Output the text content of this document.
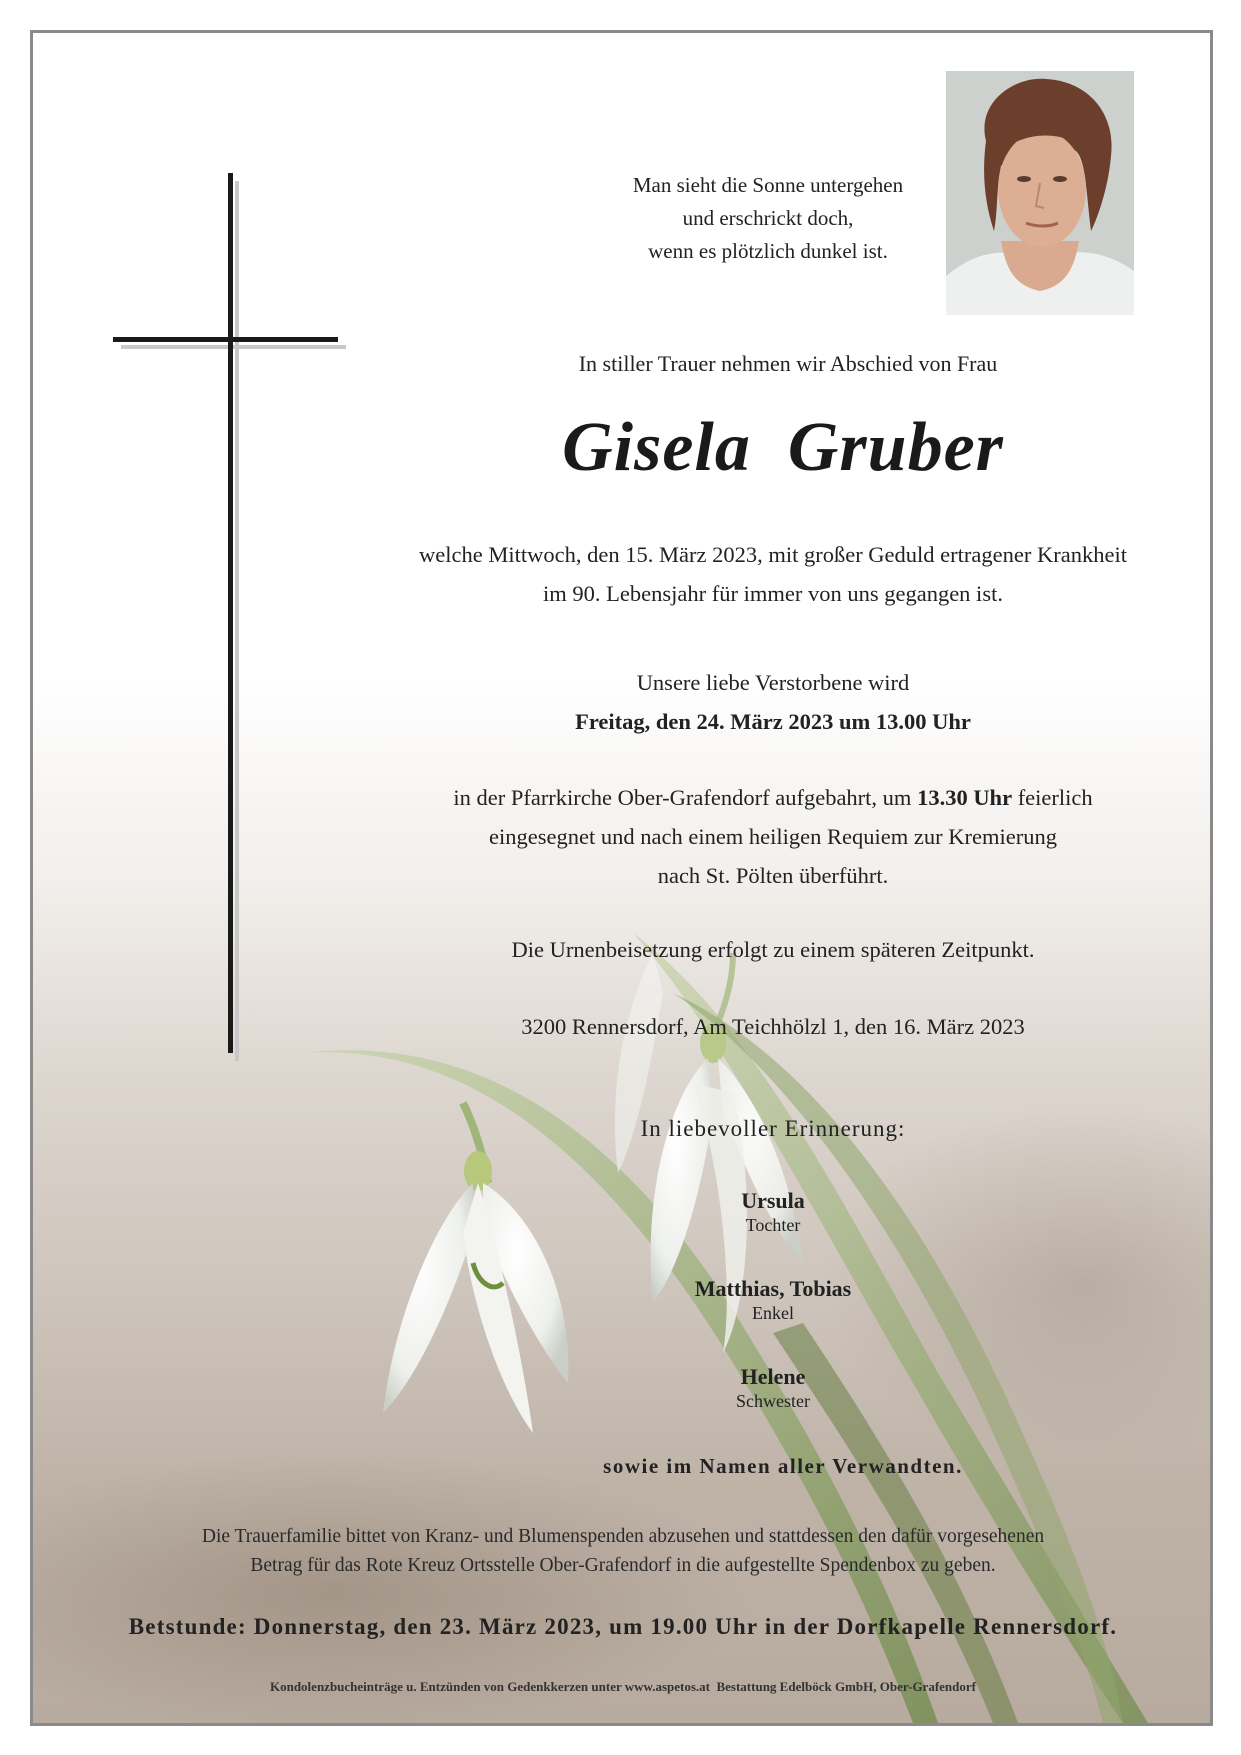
Man sieht die Sonne untergehen
und erschrickt doch,
wenn es plötzlich dunkel ist.

In stiller Trauer nehmen wir Abschied von Frau

Gisela  Gruber

welche Mittwoch, den 15. März 2023, mit großer Geduld ertragener Krankheit
im 90. Lebensjahr für immer von uns gegangen ist.

Unsere liebe Verstorbene wird
Freitag, den 24. März 2023 um 13.00 Uhr

in der Pfarrkirche Ober-Grafendorf aufgebahrt, um 13.30 Uhr feierlich
eingesegnet und nach einem heiligen Requiem zur Kremierung
nach St. Pölten überführt.

Die Urnenbeisetzung erfolgt zu einem späteren Zeitpunkt.

3200 Rennersdorf, Am Teichhölzl 1, den 16. März 2023

In liebevoller Erinnerung:

Ursula

Tochter

Matthias, Tobias

Enkel

Helene

Schwester

sowie im Namen aller Verwandten.

Die Trauerfamilie bittet von Kranz- und Blumenspenden abzusehen und stattdessen den dafür vorgesehenen
Betrag für das Rote Kreuz Ortsstelle Ober-Grafendorf in die aufgestellte Spendenbox zu geben.

Betstunde: Donnerstag, den 23. März 2023, um 19.00 Uhr in der Dorfkapelle Rennersdorf.

Kondolenzbucheinträge u. Entzünden von Gedenkkerzen unter www.aspetos.at  Bestattung Edelböck GmbH, Ober-Grafendorf
